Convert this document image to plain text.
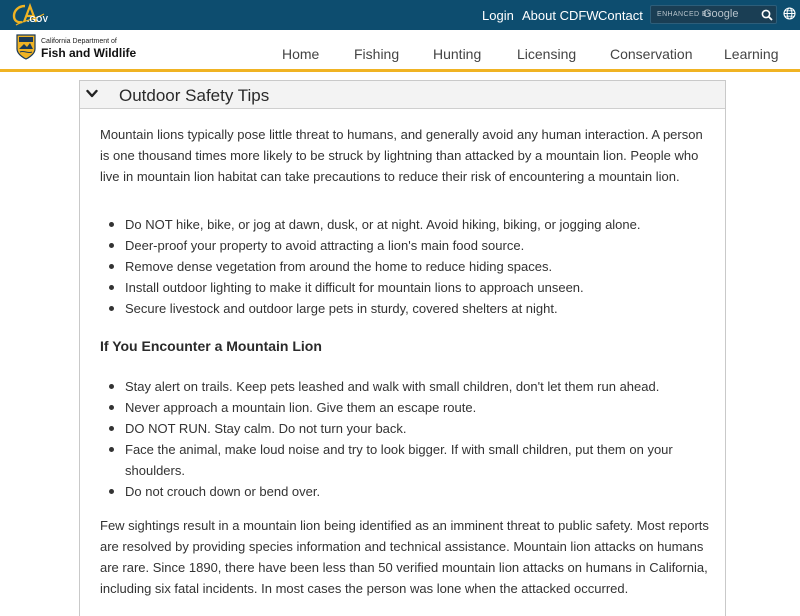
.GOV	Login About CDFW Contact
ENHANCED BY	Google
California Department of
Fish and Wildlife	Home Fishing Hunting	Licensing Conservation Learning
Outdoor Safety Tips

Mountain lions typically pose little threat to humans, and generally avoid any human interaction. A person is one thousand times more likely to be struck by lightning than attacked by a mountain lion. People who live in mountain lion habitat can take precautions to reduce their risk of encountering a mountain lion.

Do NOT hike, bike, or jog at dawn, dusk, or at night. Avoid hiking, biking, or jogging alone.
Deer-proof your property to avoid attracting a lion's main food source.
Remove dense vegetation from around the home to reduce hiding spaces.
Install outdoor lighting to make it difficult for mountain lions to approach unseen.
Secure livestock and outdoor large pets in sturdy, covered shelters at night.
If You Encounter a Mountain Lion
Stay alert on trails. Keep pets leashed and walk with small children, don't let them run ahead.
Never approach a mountain lion. Give them an escape route.
DO NOT RUN. Stay calm. Do not turn your back.
Face the animal, make loud noise and try to look bigger. If with small children, put them on your shoulders.
Do not crouch down or bend over.

Few sightings result in a mountain lion being identified as an imminent threat to public safety. Most reports are resolved by providing species information and technical assistance. Mountain lion attacks on humans are rare. Since 1890, there have been less than 50 verified mountain lion attacks on humans in California, including six fatal incidents. In most cases the person was lone when the attacked occurred.
